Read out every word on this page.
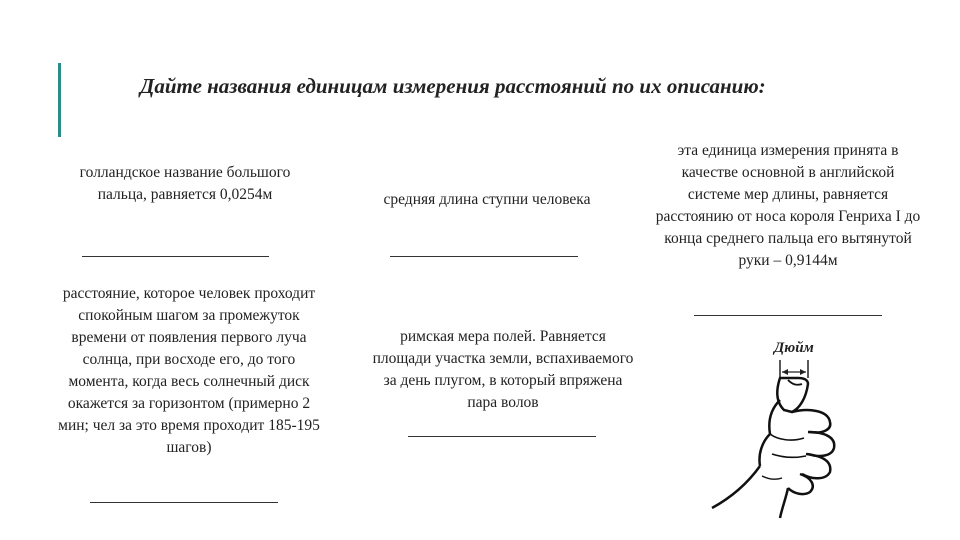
Дайте названия единицам измерения расстояний по их описанию:
голландское название большого пальца, равняется 0,0254м	средняя длина ступни человека
эта единица измерения принята в качестве основной в английской системе мер длины, равняется расстоянию от носа короля Генриха I до конца среднего пальца его вытянутой руки – 0,9144м
расстояние, которое человек проходит спокойным шагом за промежуток времени от появления первого луча солнца, при восходе его, до того момента, когда весь солнечный диск окажется за горизонтом (примерно 2 мин; чел за это время проходит 185-195 шагов)
римская мера полей. Равняется площади участка земли, вспахиваемого за день плугом, в который впряжена пара волов
Дюйм
